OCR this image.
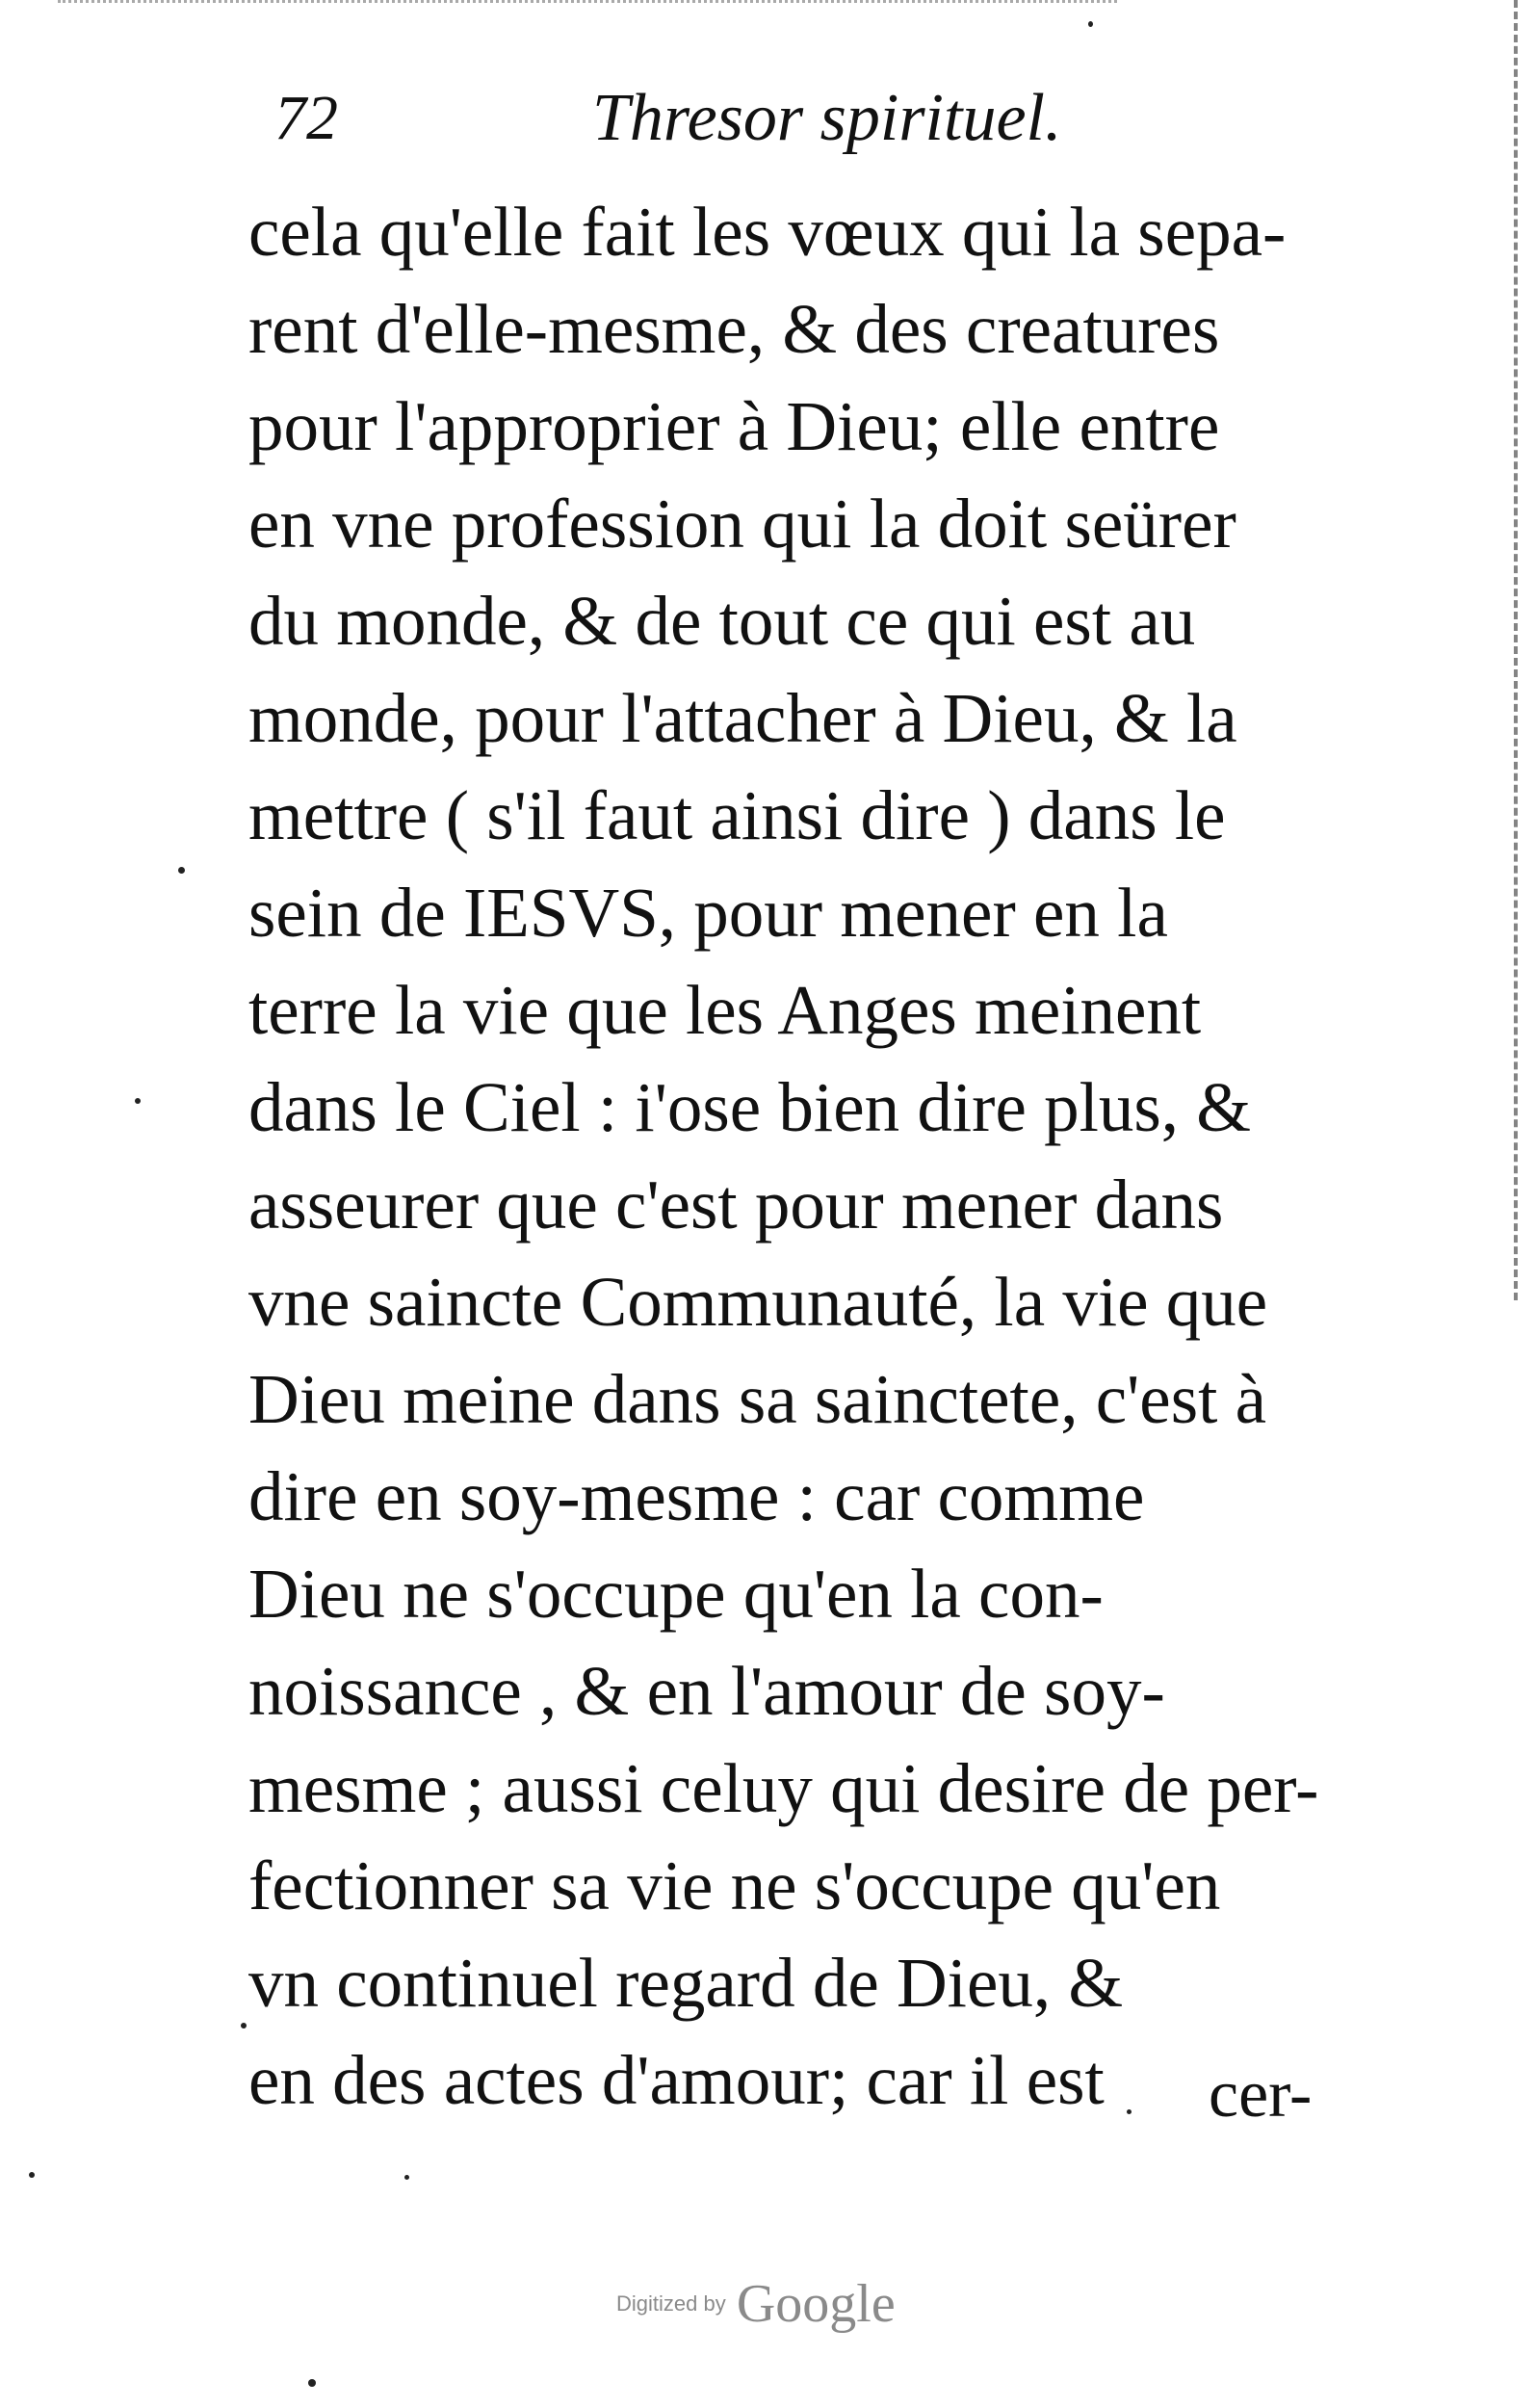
72	Thresor spirituel.
cela qu'elle fait les vœux qui la sepa-
rent d'elle-mesme, & des creatures
pour l'approprier à Dieu; elle entre
en vne profession qui la doit seürer
du monde, & de tout ce qui est au
monde, pour l'attacher à Dieu, & la
mettre ( s'il faut ainsi dire ) dans le
sein de IESVS, pour mener en la
terre la vie que les Anges meinent
dans le Ciel : i'ose bien dire plus, &
asseurer que c'est pour mener dans
vne saincte Communauté, la vie que
Dieu meine dans sa sainctete, c'est à
dire en soy-mesme : car comme
Dieu ne s'occupe qu'en la con-
noissance , & en l'amour de soy-
mesme ; aussi celuy qui desire de per-
fectionner sa vie ne s'occupe qu'en
vn continuel regard de Dieu, &
en des actes d'amour; car il est	cer-
Digitized by Google
